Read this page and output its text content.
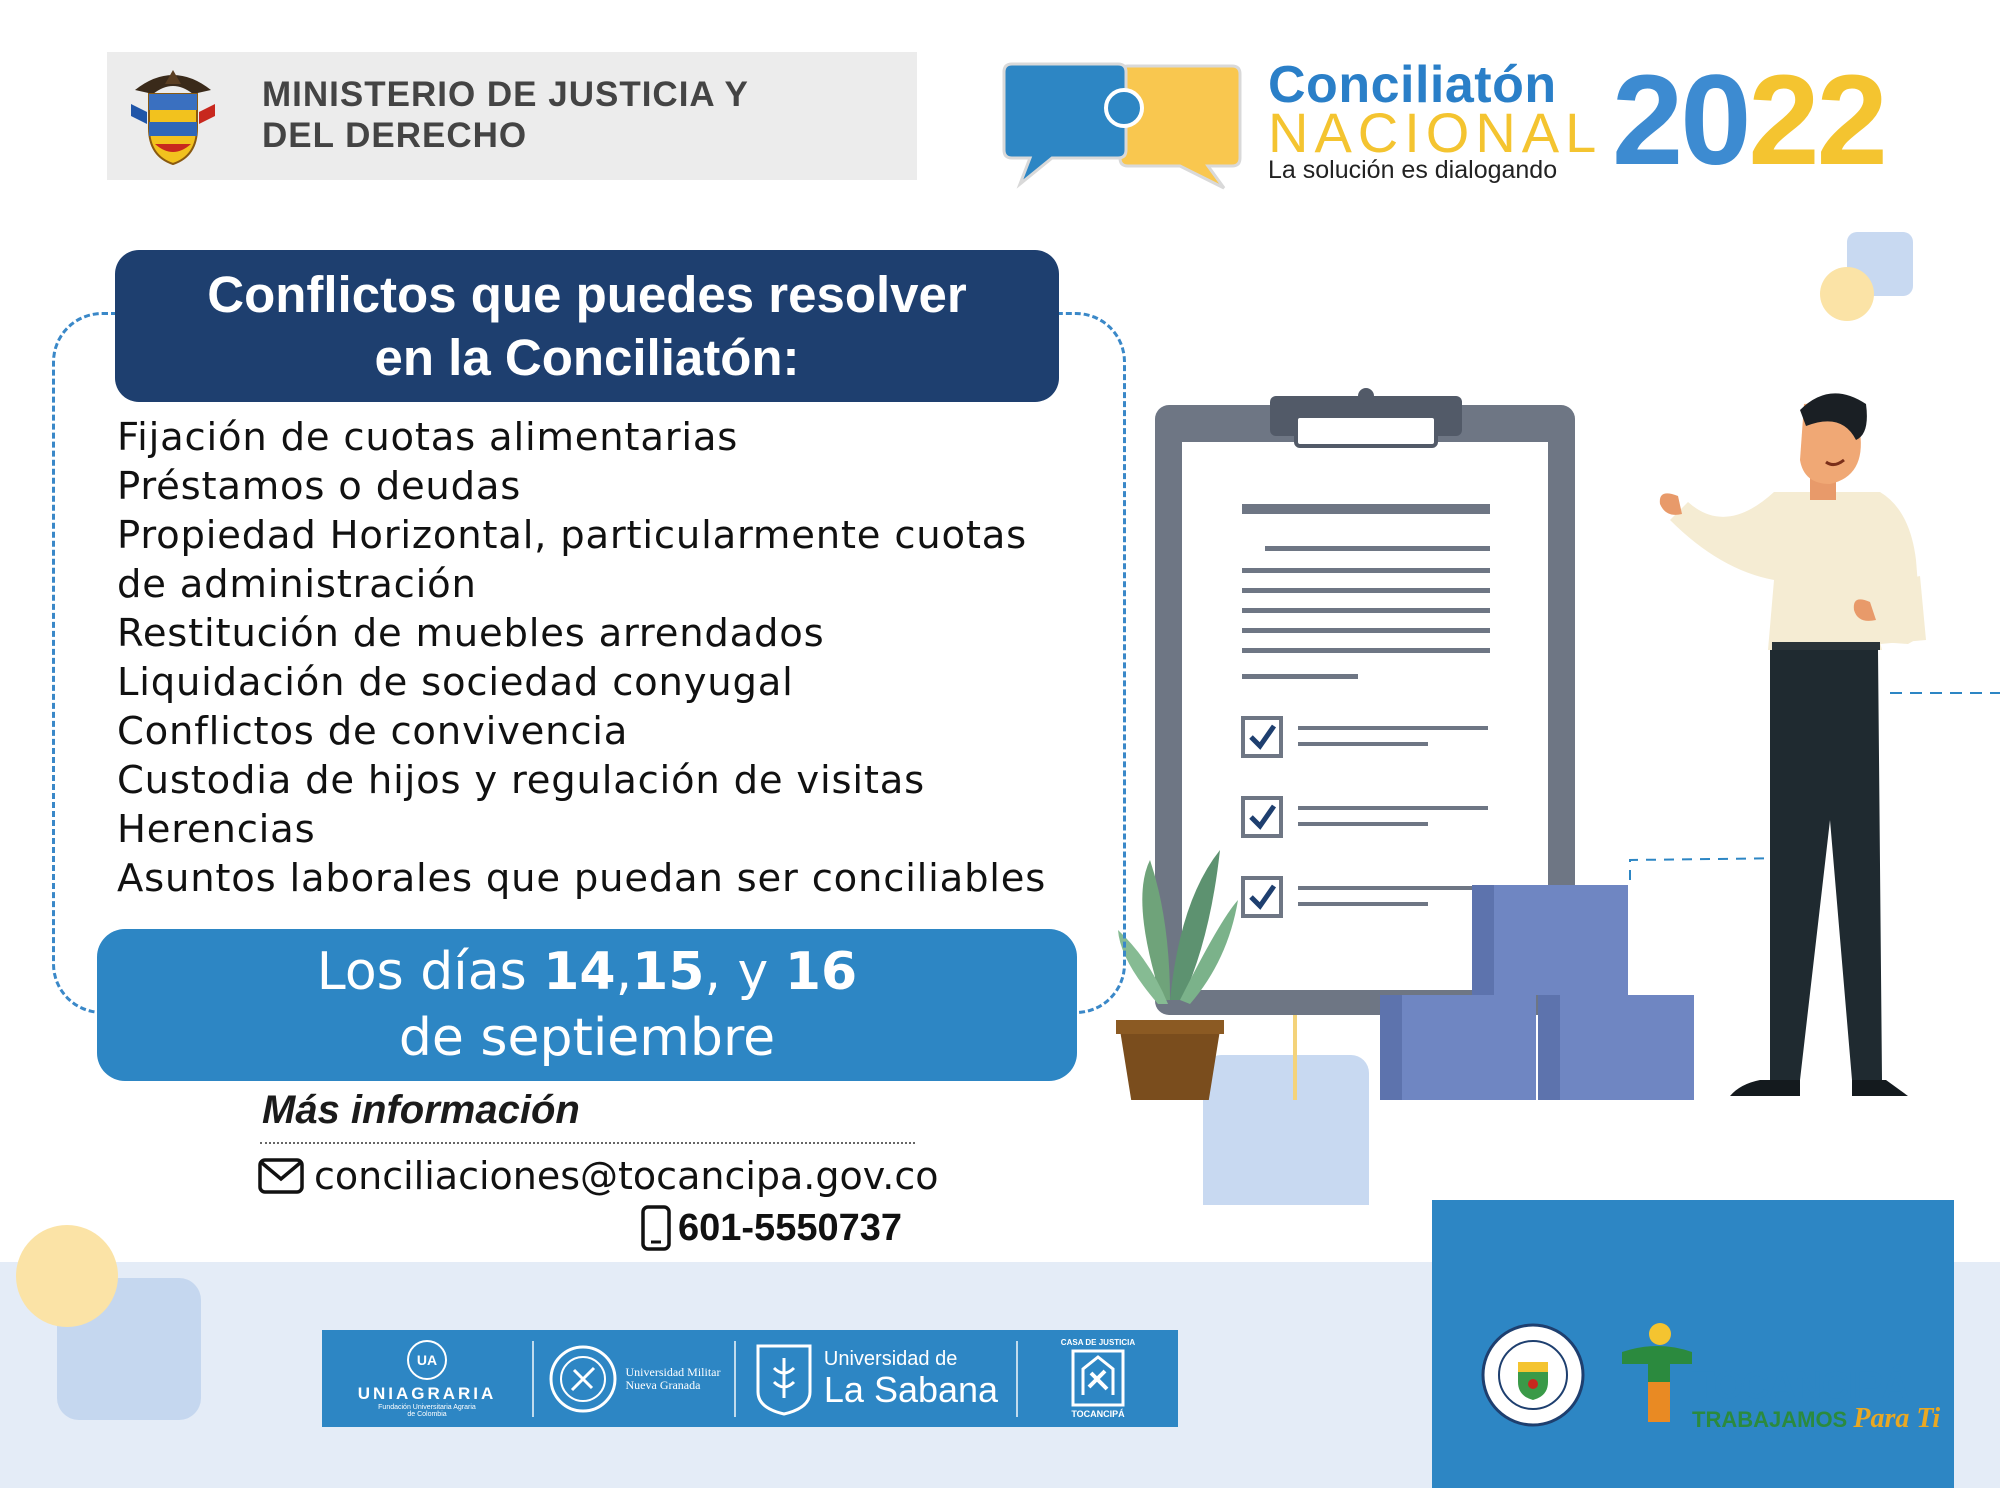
MINISTERIO DE JUSTICIA Y
DEL DERECHO
Conciliatón
NACIONAL
La solución es dialogando 2022
Conflictos que puedes resolver
en la Conciliatón:
Fijación de cuotas alimentarias
Préstamos o deudas
Propiedad Horizontal, particularmente cuotas
de administración
Restitución de muebles arrendados
Liquidación de sociedad conyugal
Conflictos de convivencia
Custodia de hijos y regulación de visitas
Herencias
Asuntos laborales que puedan ser conciliables
Los días 14,15, y 16
de septiembre
Más información
conciliaciones@tocancipa.gov.co
601-5550737
UA
UNIAGRARIA
Fundación Universitaria Agraria
de Colombia
Universidad Militar
Nueva Granada
Universidad de
La Sabana
CASA DE JUSTICIA
TOCANCIPÁ
TOCANCIPÁ
TRABAJAMOS Para Ti
